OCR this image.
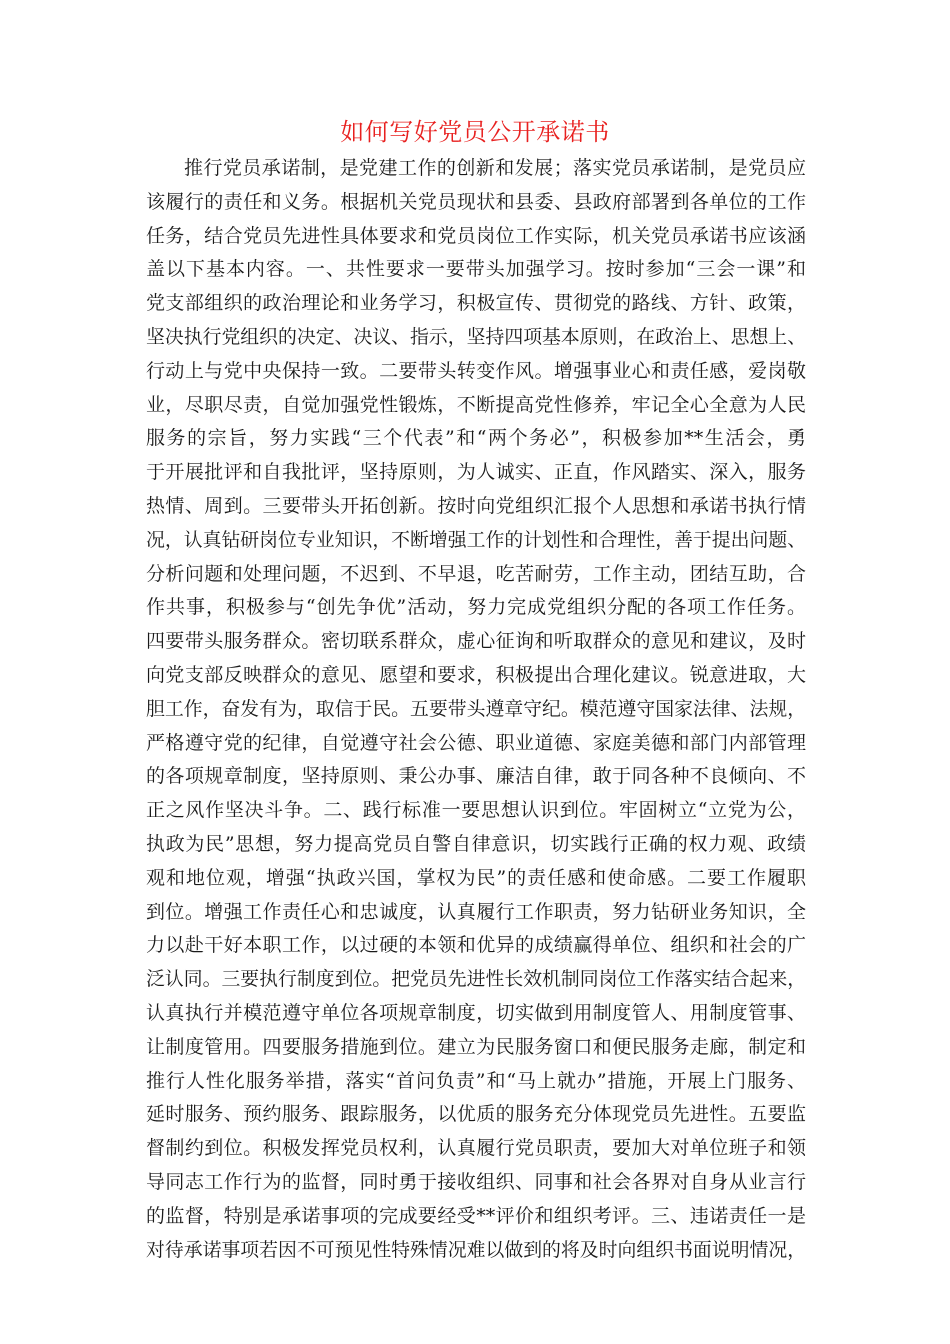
如何写好党员公开承诺书
推行党员承诺制，是党建工作的创新和发展；落实党员承诺制，是党员应
该履行的责任和义务。根据机关党员现状和县委、县政府部署到各单位的工作
任务，结合党员先进性具体要求和党员岗位工作实际，机关党员承诺书应该涵
盖以下基本内容。一、共性要求一要带头加强学习。按时参加“三会一课”和
党支部组织的政治理论和业务学习，积极宣传、贯彻党的路线、方针、政策，
坚决执行党组织的决定、决议、指示，坚持四项基本原则，在政治上、思想上、
行动上与党中央保持一致。二要带头转变作风。增强事业心和责任感，爱岗敬
业，尽职尽责，自觉加强党性锻炼，不断提高党性修养，牢记全心全意为人民
服务的宗旨，努力实践“三个代表”和“两个务必”，积极参加**生活会，勇
于开展批评和自我批评，坚持原则，为人诚实、正直，作风踏实、深入，服务
热情、周到。三要带头开拓创新。按时向党组织汇报个人思想和承诺书执行情
况，认真钻研岗位专业知识，不断增强工作的计划性和合理性，善于提出问题、
分析问题和处理问题，不迟到、不早退，吃苦耐劳，工作主动，团结互助，合
作共事，积极参与“创先争优”活动，努力完成党组织分配的各项工作任务。
四要带头服务群众。密切联系群众，虚心征询和听取群众的意见和建议，及时
向党支部反映群众的意见、愿望和要求，积极提出合理化建议。锐意进取，大
胆工作，奋发有为，取信于民。五要带头遵章守纪。模范遵守国家法律、法规，
严格遵守党的纪律，自觉遵守社会公德、职业道德、家庭美德和部门内部管理
的各项规章制度，坚持原则、秉公办事、廉洁自律，敢于同各种不良倾向、不
正之风作坚决斗争。二、践行标准一要思想认识到位。牢固树立“立党为公，
执政为民”思想，努力提高党员自警自律意识，切实践行正确的权力观、政绩
观和地位观，增强“执政兴国，掌权为民”的责任感和使命感。二要工作履职
到位。增强工作责任心和忠诚度，认真履行工作职责，努力钻研业务知识，全
力以赴干好本职工作，以过硬的本领和优异的成绩赢得单位、组织和社会的广
泛认同。三要执行制度到位。把党员先进性长效机制同岗位工作落实结合起来，
认真执行并模范遵守单位各项规章制度，切实做到用制度管人、用制度管事、
让制度管用。四要服务措施到位。建立为民服务窗口和便民服务走廊，制定和
推行人性化服务举措，落实“首问负责”和“马上就办”措施，开展上门服务、
延时服务、预约服务、跟踪服务，以优质的服务充分体现党员先进性。五要监
督制约到位。积极发挥党员权利，认真履行党员职责，要加大对单位班子和领
导同志工作行为的监督，同时勇于接收组织、同事和社会各界对自身从业言行
的监督，特别是承诺事项的完成要经受**评价和组织考评。三、违诺责任一是
对待承诺事项若因不可预见性特殊情况难以做到的将及时向组织书面说明情况，
